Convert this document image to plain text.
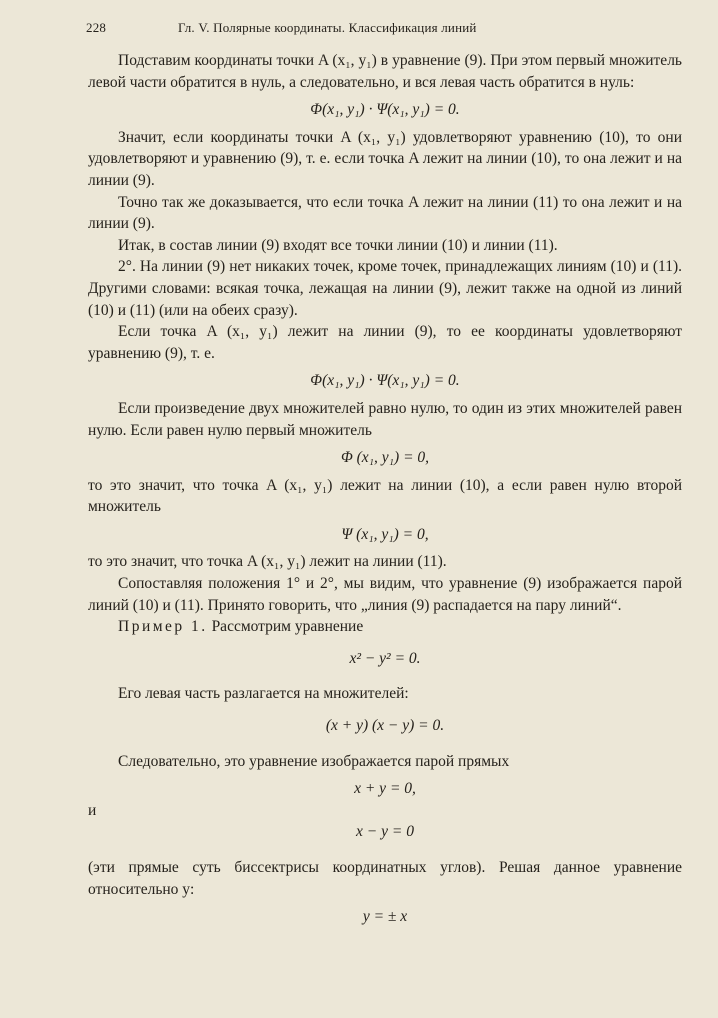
228	Гл. V. Полярные координаты. Классификация линий

Подставим координаты точки A (x₁, y₁) в уравнение (9). При этом первый множитель левой части обратится в нуль, а следовательно, и вся левая часть обратится в нуль:

Φ(x₁, y₁) · Ψ(x₁, y₁) = 0.

Значит, если координаты точки A (x₁, y₁) удовлетворяют уравнению (10), то они удовлетворяют и уравнению (9), т. е. если точка A лежит на линии (10), то она лежит и на линии (9).

Точно так же доказывается, что если точка A лежит на линии (11) то она лежит и на линии (9).

Итак, в состав линии (9) входят все точки линии (10) и линии (11).

2°. На линии (9) нет никаких точек, кроме точек, принадлежащих линиям (10) и (11). Другими словами: всякая точка, лежащая на линии (9), лежит также на одной из линий (10) и (11) (или на обеих сразу).

Если точка A (x₁, y₁) лежит на линии (9), то ее координаты удовлетворяют уравнению (9), т. е.

Φ(x₁, y₁) · Ψ(x₁, y₁) = 0.

Если произведение двух множителей равно нулю, то один из этих множителей равен нулю. Если равен нулю первый множитель

Φ (x₁, y₁) = 0,

то это значит, что точка A (x₁, y₁) лежит на линии (10), а если равен нулю второй множитель

Ψ (x₁, y₁) = 0,

то это значит, что точка A (x₁, y₁) лежит на линии (11).

Сопоставляя положения 1° и 2°, мы видим, что уравнение (9) изображается парой линий (10) и (11). Принято говорить, что „линия (9) распадается на пару линий“.

Пример 1. Рассмотрим уравнение

x² − y² = 0.

Его левая часть разлагается на множителей:

(x + y) (x − y) = 0.

Следовательно, это уравнение изображается парой прямых

x + y = 0,

и

x − y = 0

(эти прямые суть биссектрисы координатных углов). Решая данное уравнение относительно y:

y = ± x
